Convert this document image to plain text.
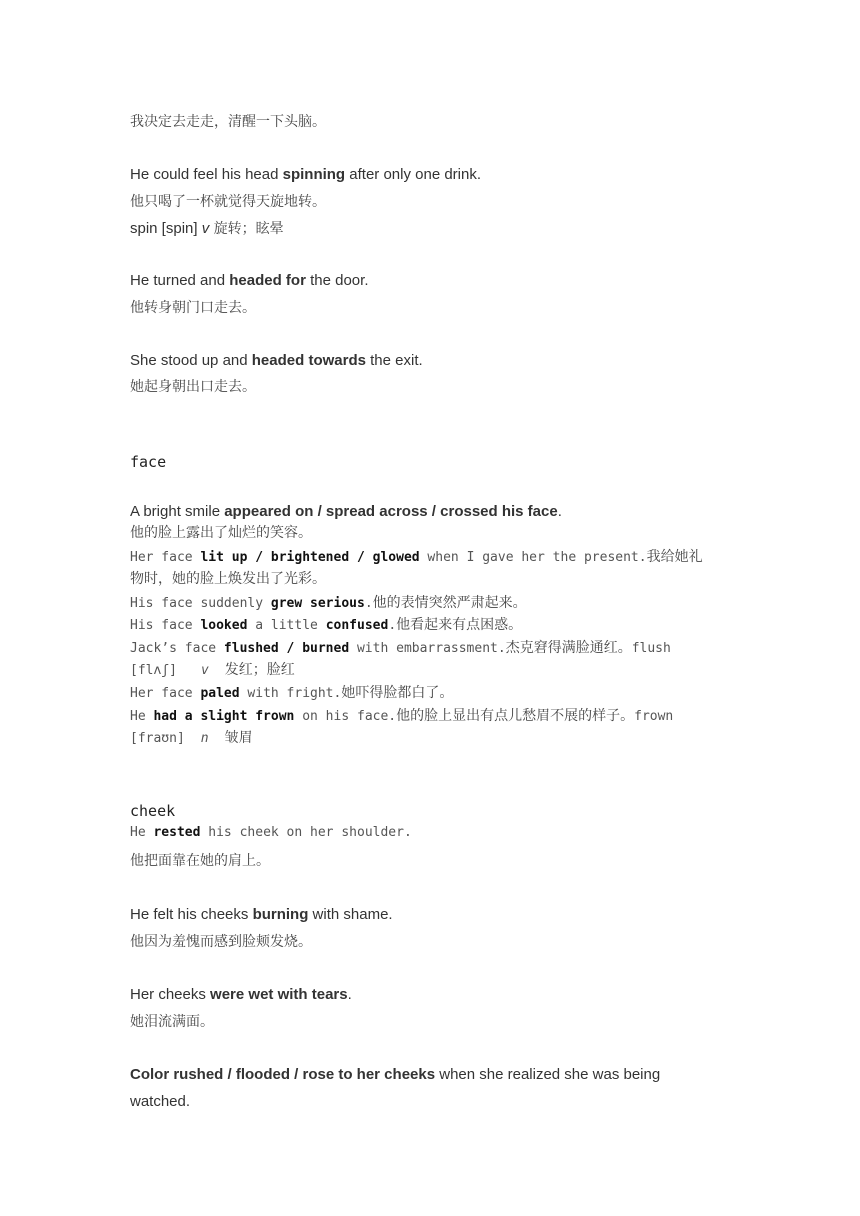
我决定去走走，清醒一下头脑。
He could feel his head spinning after only one drink.
他只喝了一杯就觉得天旋地转。
spin [spin] v 旋转；眩晕
He turned and headed for the door.
他转身朝门口走去。
She stood up and headed towards the exit.
她起身朝出口走去。
face
A bright smile appeared on / spread across / crossed his face.
他的脸上露出了灿烂的笑容。
Her face lit up / brightened / glowed when I gave her the present.我给她礼
物时，她的脸上焕发出了光彩。
His face suddenly grew serious.他的表情突然严肃起来。
His face looked a little confused.他看起来有点困惑。
Jack’s face flushed / burned with embarrassment.杰克窘得满脸通红。flush
[flʌʃ] v 发红；脸红
Her face paled with fright.她吓得脸都白了。
He had a slight frown on his face.他的脸上显出有点儿愁眉不展的样子。frown
[fraʊn] n 皱眉
cheek
He rested his cheek on her shoulder.
他把面靠在她的肩上。
He felt his cheeks burning with shame.
他因为羞愧而感到脸颊发烧。
Her cheeks were wet with tears.
她泪流满面。
Color rushed / flooded / rose to her cheeks when she realized she was being
watched.
